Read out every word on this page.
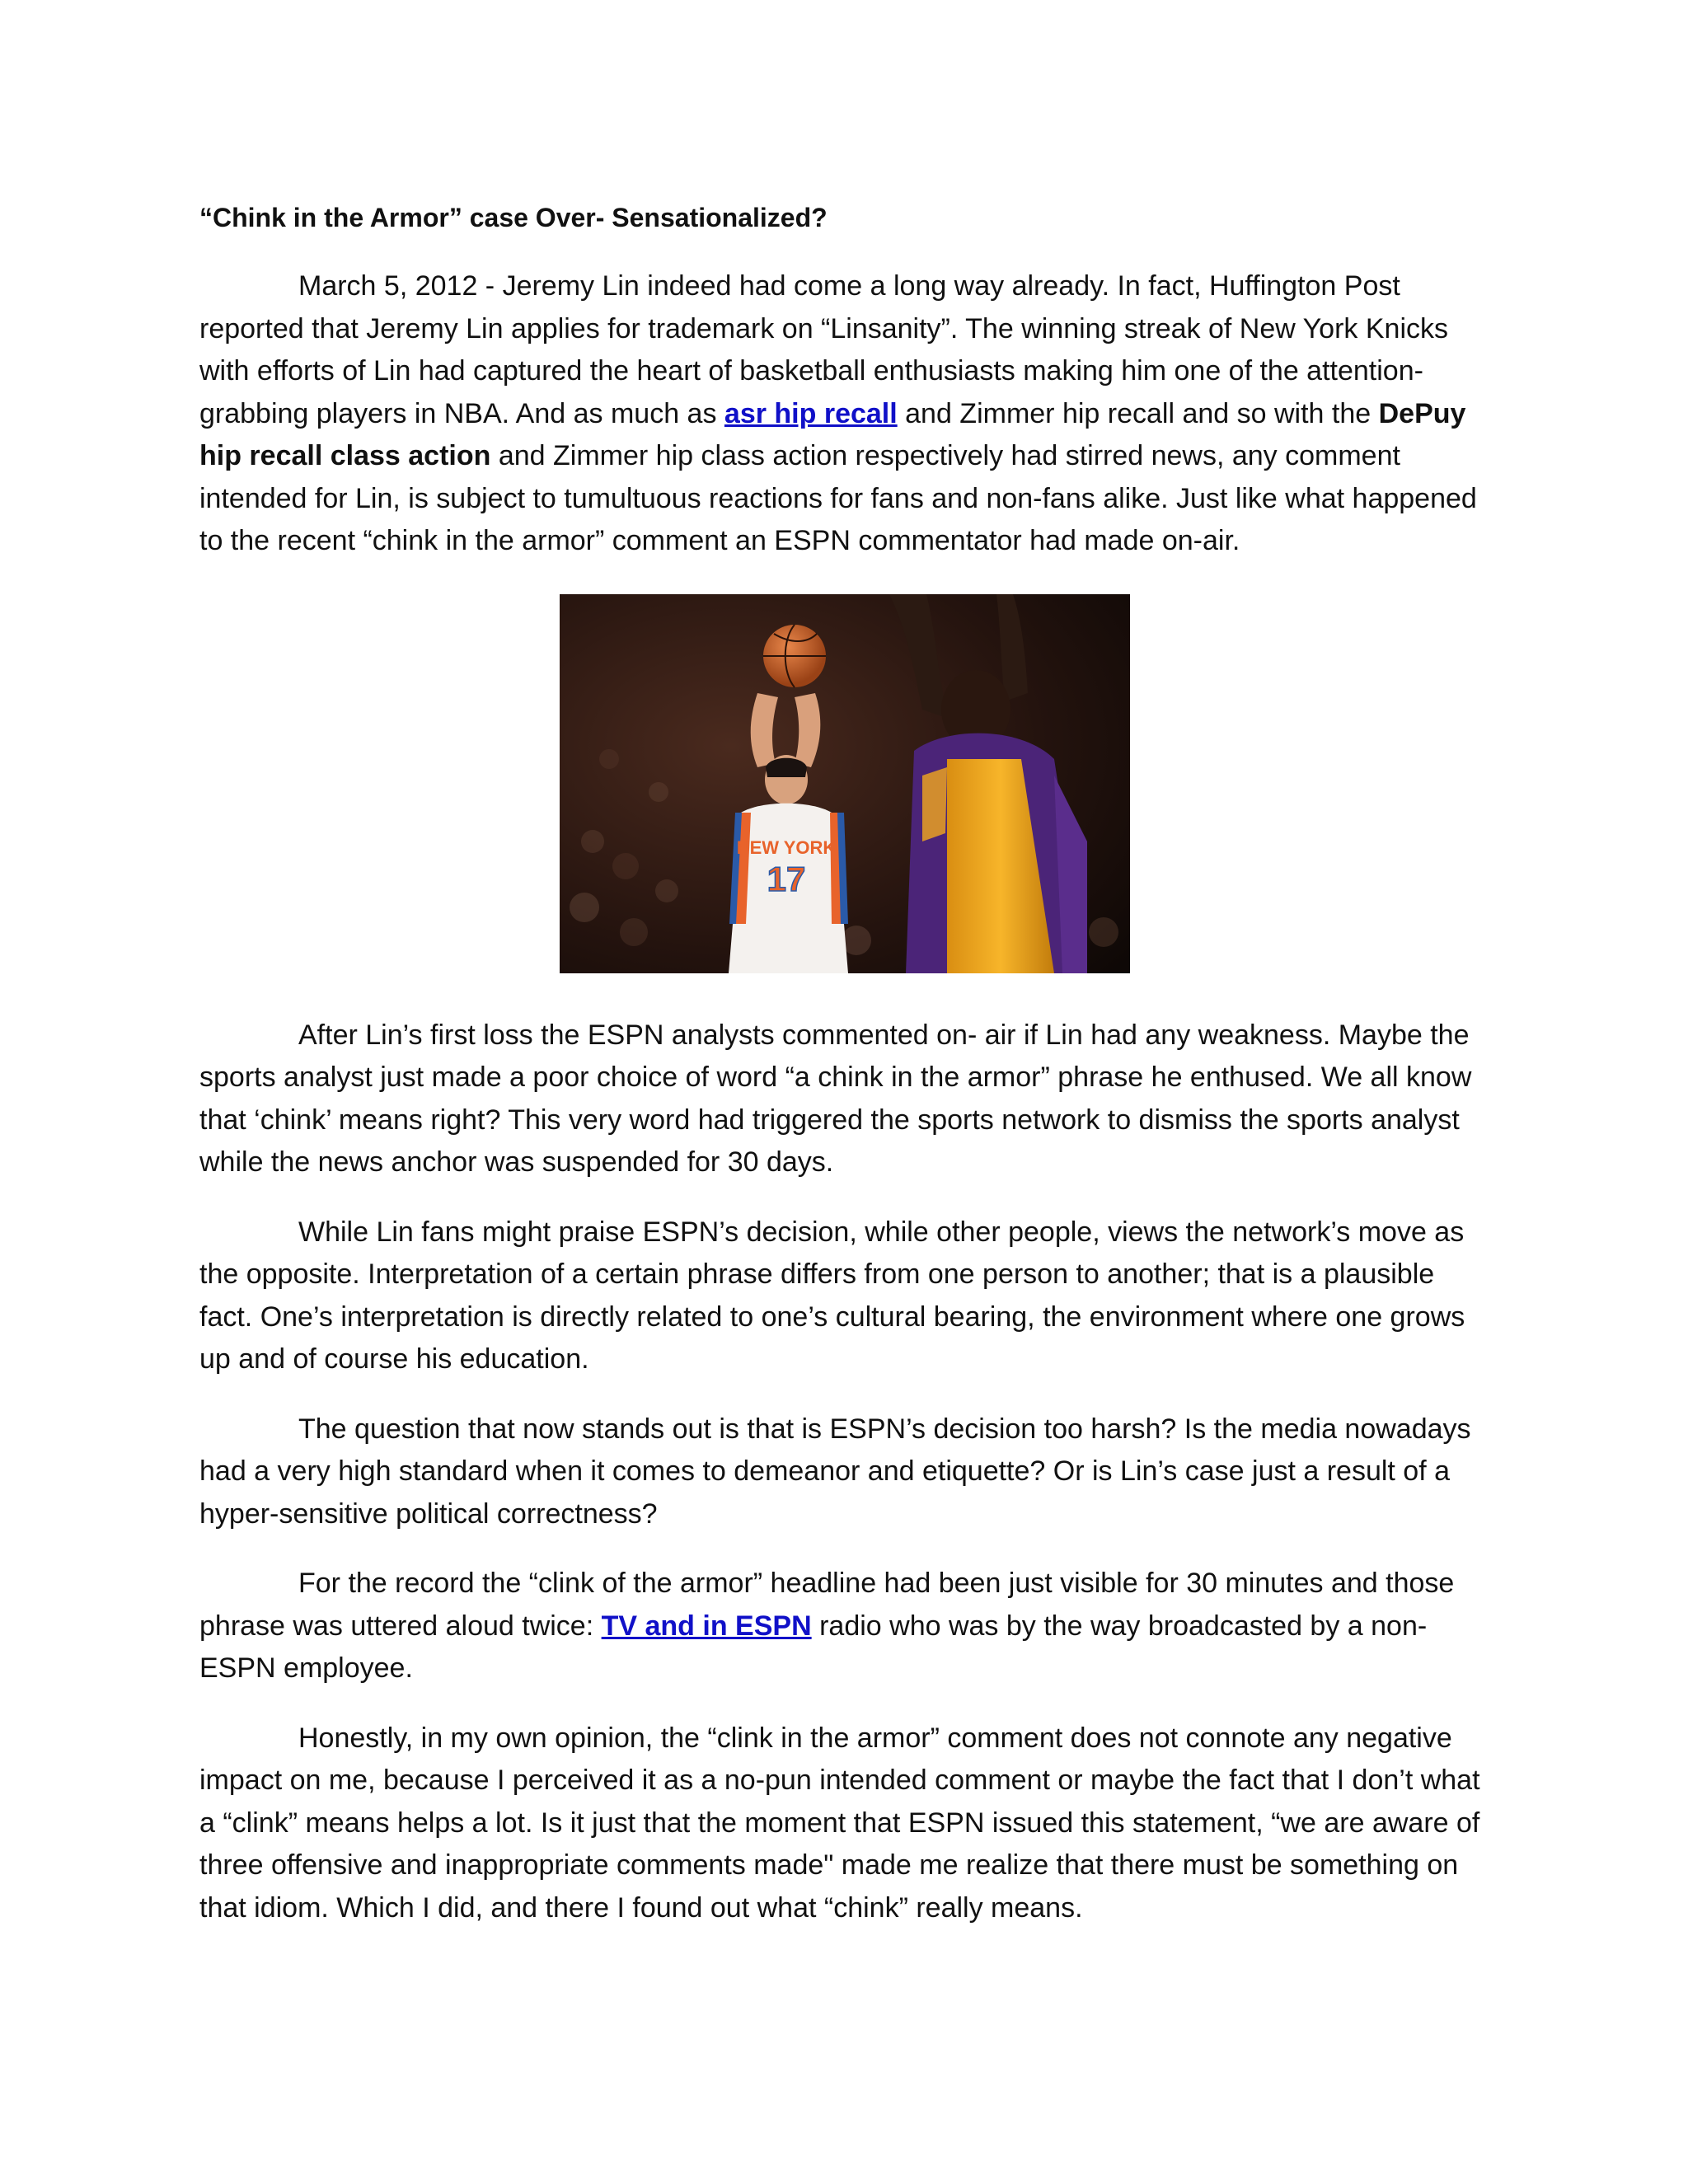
“Chink in the Armor” case Over- Sensationalized?

March 5, 2012 - Jeremy Lin indeed had come a long way already. In fact, Huffington Post reported that Jeremy Lin applies for trademark on “Linsanity”. The winning streak of New York Knicks with efforts of Lin had captured the heart of basketball enthusiasts making him one of the attention-grabbing players in NBA. And as much as asr hip recall and Zimmer hip recall and so with the DePuy hip recall class action and Zimmer hip class action respectively had stirred news, any comment intended for Lin, is subject to tumultuous reactions for fans and non-fans alike. Just like what happened to the recent “chink in the armor” comment an ESPN commentator had made on-air.

NEW YORK
17

After Lin’s first loss the ESPN analysts commented on- air if Lin had any weakness. Maybe the sports analyst just made a poor choice of word “a chink in the armor” phrase he enthused. We all know that ‘chink’ means right? This very word had triggered the sports network to dismiss the sports analyst while the news anchor was suspended for 30 days.

While Lin fans might praise ESPN’s decision, while other people, views the network’s move as the opposite. Interpretation of a certain phrase differs from one person to another; that is a plausible fact. One’s interpretation is directly related to one’s cultural bearing, the environment where one grows up and of course his education.

The question that now stands out is that is ESPN’s decision too harsh? Is the media nowadays had a very high standard when it comes to demeanor and etiquette? Or is Lin’s case just a result of a hyper-sensitive political correctness?

For the record the “clink of the armor” headline had been just visible for 30 minutes and those phrase was uttered aloud twice: TV and in ESPN radio who was by the way broadcasted by a non-ESPN employee.

Honestly, in my own opinion, the “clink in the armor” comment does not connote any negative impact on me, because I perceived it as a no-pun intended comment or maybe the fact that I don’t what a “clink” means helps a lot. Is it just that the moment that ESPN issued this statement, “we are aware of three offensive and inappropriate comments made" made me realize that there must be something on that idiom. Which I did, and there I found out what “chink” really means.
